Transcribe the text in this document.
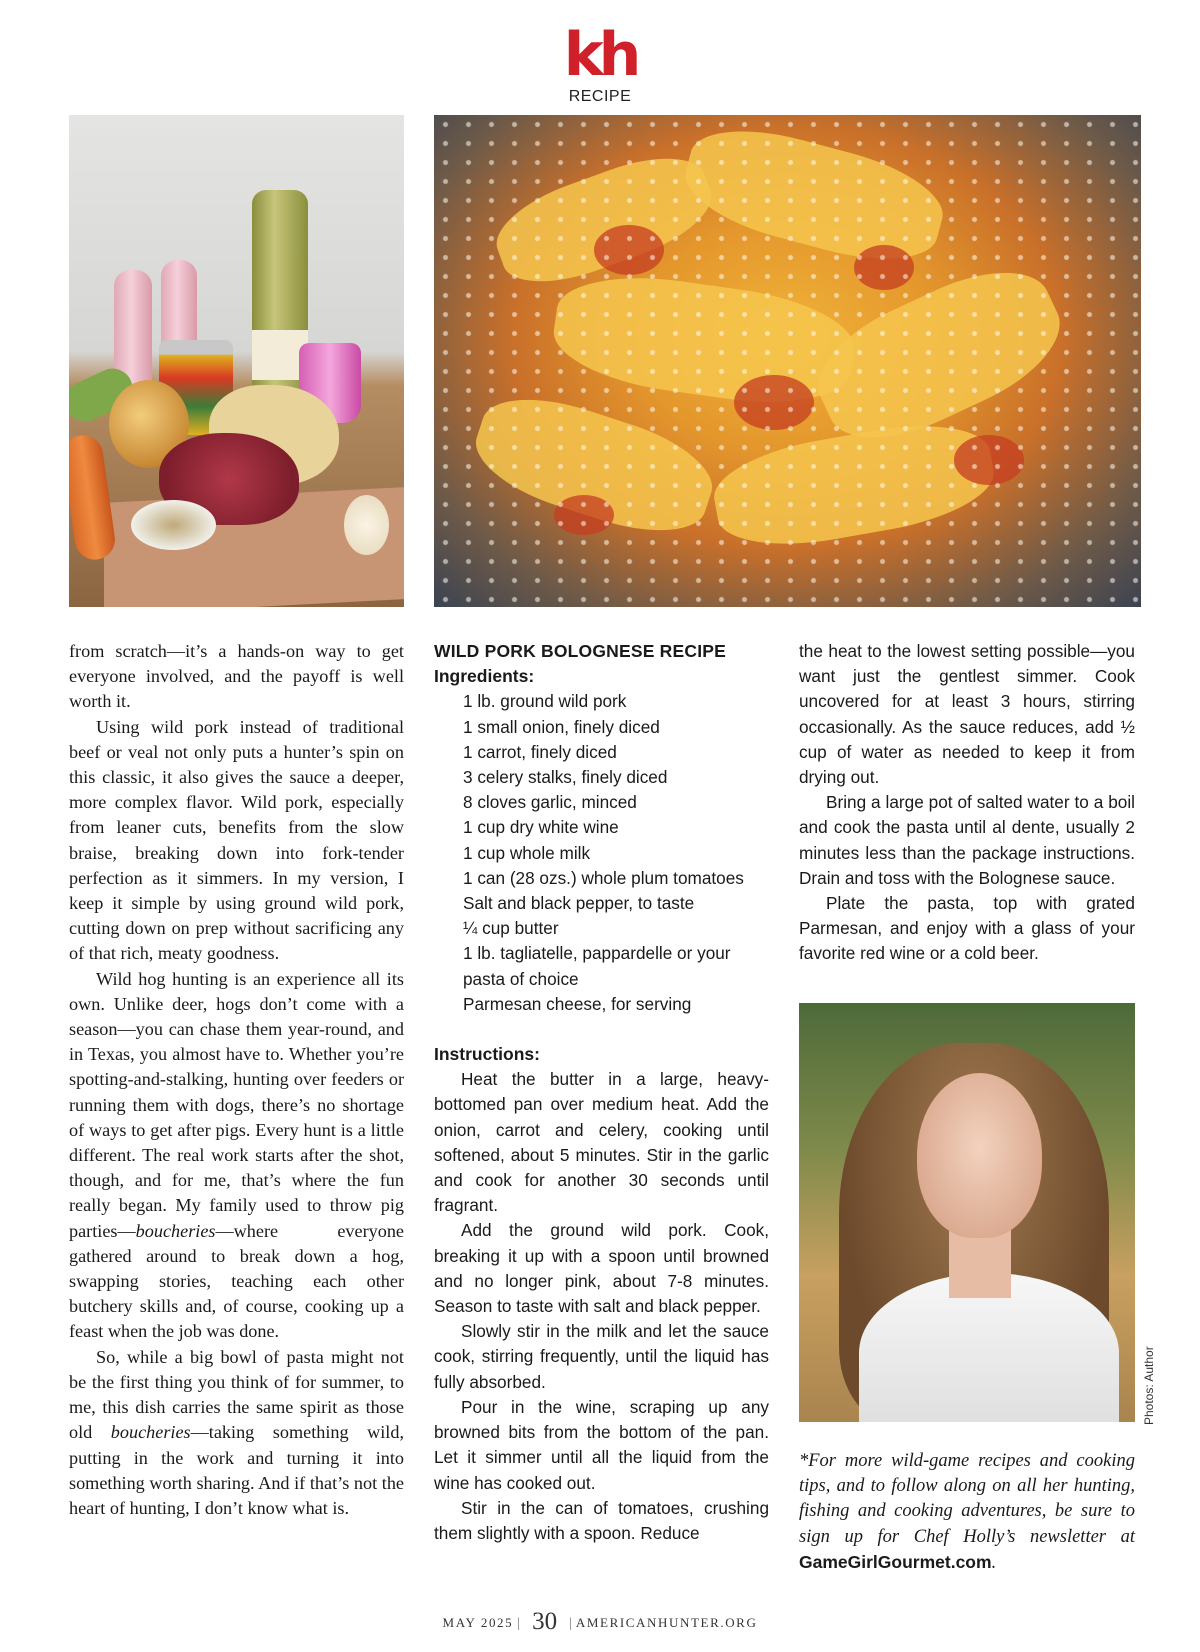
kh
RECIPE
Photos: Author

from scratch—it’s a hands-on way to get everyone involved, and the payoff is well worth it.

Using wild pork instead of traditional beef or veal not only puts a hunter’s spin on this classic, it also gives the sauce a deeper, more complex flavor. Wild pork, especially from leaner cuts, benefits from the slow braise, breaking down into fork-tender perfection as it simmers. In my version, I keep it simple by using ground wild pork, cutting down on prep without sacrificing any of that rich, meaty goodness.

Wild hog hunting is an experience all its own. Unlike deer, hogs don’t come with a season—you can chase them year-round, and in Texas, you almost have to. Whether you’re spotting-and-stalking, hunting over feeders or running them with dogs, there’s no shortage of ways to get after pigs. Every hunt is a little different. The real work starts after the shot, though, and for me, that’s where the fun really began. My family used to throw pig parties—boucheries—where everyone gathered around to break down a hog, swapping stories, teaching each other butchery skills and, of course, cooking up a feast when the job was done.

So, while a big bowl of pasta might not be the first thing you think of for summer, to me, this dish carries the same spirit as those old boucheries—taking something wild, putting in the work and turning it into something worth sharing. And if that’s not the heart of hunting, I don’t know what is.

WILD PORK BOLOGNESE RECIPE
Ingredients:
1 lb. ground wild pork
1 small onion, finely diced
1 carrot, finely diced
3 celery stalks, finely diced
8 cloves garlic, minced
1 cup dry white wine
1 cup whole milk
1 can (28 ozs.) whole plum tomatoes
Salt and black pepper, to taste
¼ cup butter
1 lb. tagliatelle, pappardelle or your pasta of choice
Parmesan cheese, for serving
Instructions:

Heat the butter in a large, heavy-bottomed pan over medium heat. Add the onion, carrot and celery, cooking until softened, about 5 minutes. Stir in the garlic and cook for another 30 seconds until fragrant.

Add the ground wild pork. Cook, breaking it up with a spoon until browned and no longer pink, about 7-8 minutes. Season to taste with salt and black pepper.

Slowly stir in the milk and let the sauce cook, stirring frequently, until the liquid has fully absorbed.

Pour in the wine, scraping up any browned bits from the bottom of the pan. Let it simmer until all the liquid from the wine has cooked out.

Stir in the can of tomatoes, crushing them slightly with a spoon. Reduce

the heat to the lowest setting possible—you want just the gentlest simmer. Cook uncovered for at least 3 hours, stirring occasionally. As the sauce reduces, add ½ cup of water as needed to keep it from drying out.

Bring a large pot of salted water to a boil and cook the pasta until al dente, usually 2 minutes less than the package instructions. Drain and toss with the Bolognese sauce.

Plate the pasta, top with grated Parmesan, and enjoy with a glass of your favorite red wine or a cold beer.

*For more wild-game recipes and cooking tips, and to follow along on all her hunting, fishing and cooking adventures, be sure to sign up for Chef Holly’s newsletter at GameGirlGourmet.com.

MAY 2025 | 30 | AMERICANHUNTER.ORG
